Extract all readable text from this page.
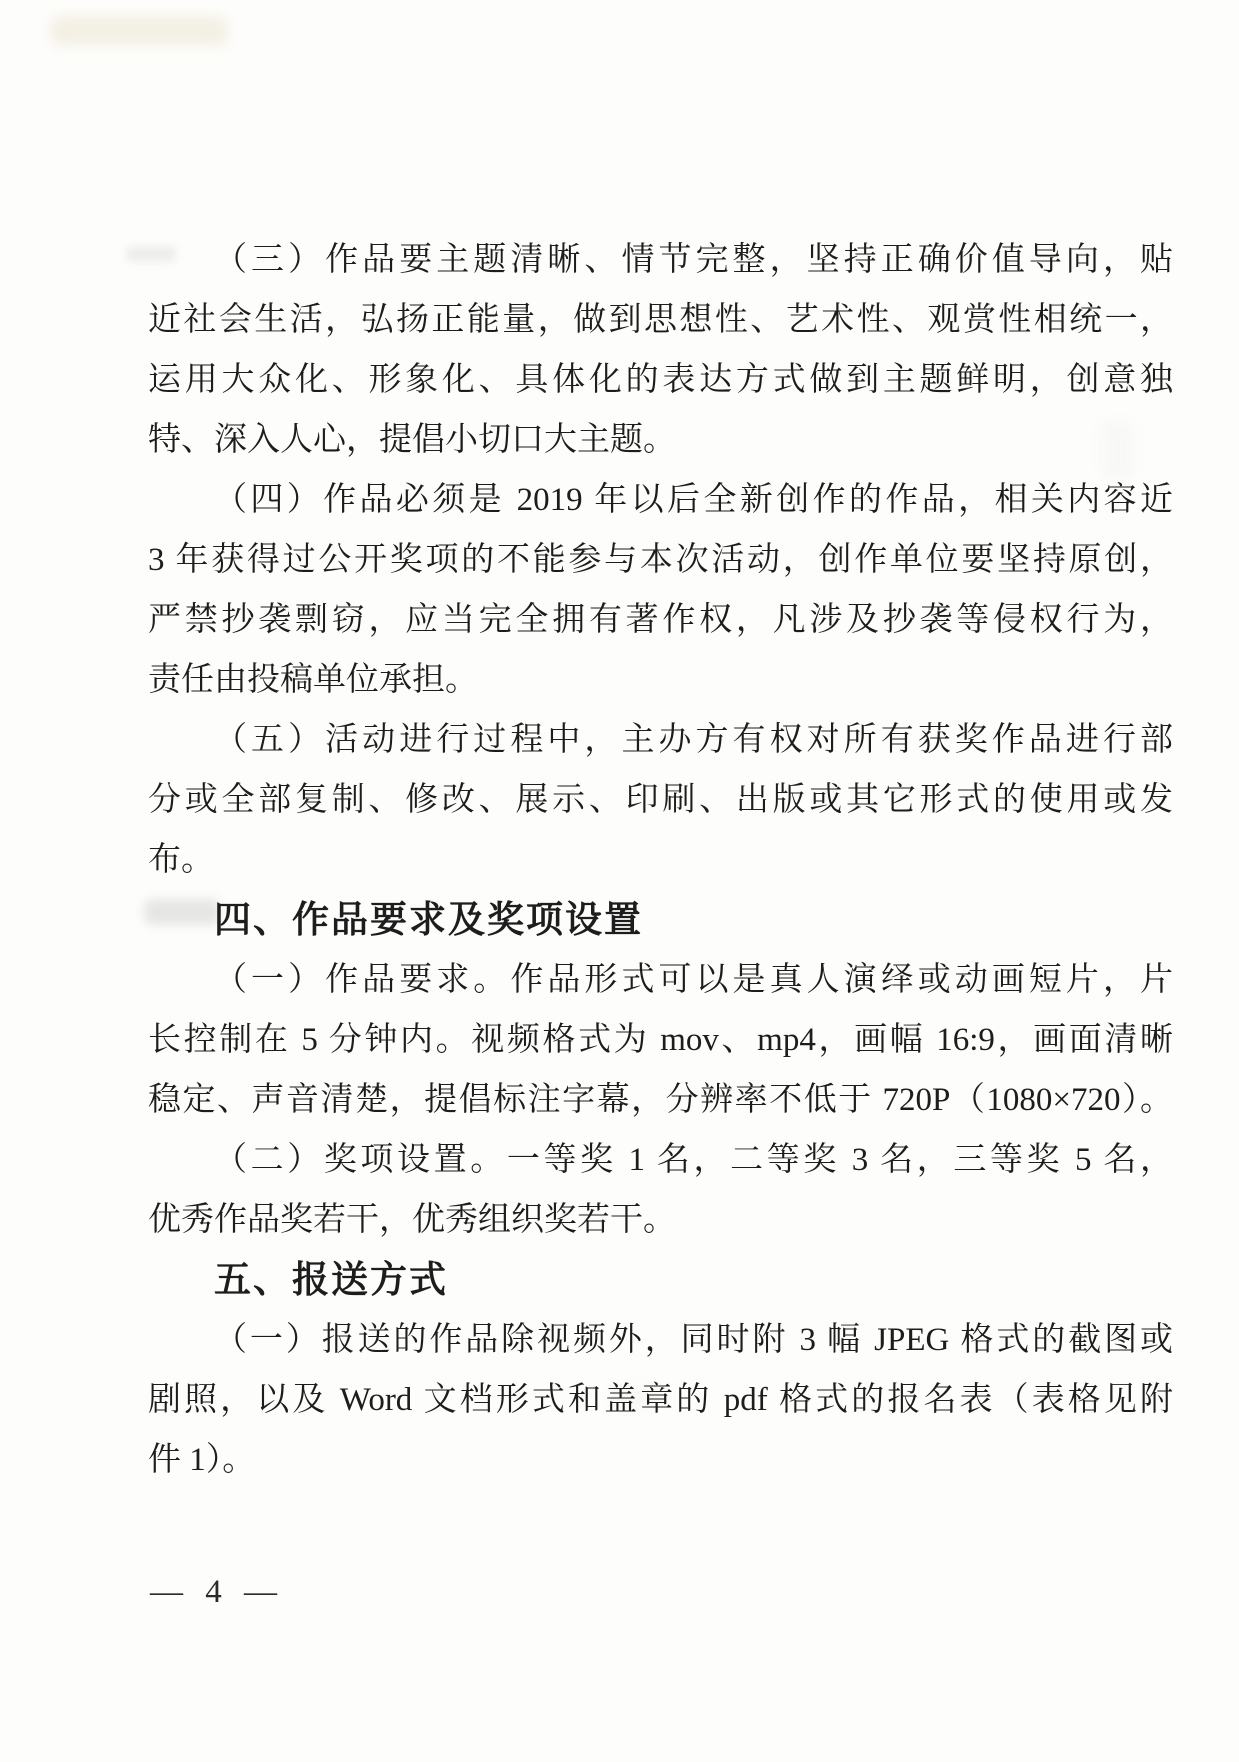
（三）作品要主题清晰、情节完整，坚持正确价值导向，贴
近社会生活，弘扬正能量，做到思想性、艺术性、观赏性相统一，
运用大众化、形象化、具体化的表达方式做到主题鲜明，创意独
特、深入人心，提倡小切口大主题。
（四）作品必须是 2019 年以后全新创作的作品，相关内容近
3 年获得过公开奖项的不能参与本次活动，创作单位要坚持原创，
严禁抄袭剽窃，应当完全拥有著作权，凡涉及抄袭等侵权行为，
责任由投稿单位承担。
（五）活动进行过程中，主办方有权对所有获奖作品进行部
分或全部复制、修改、展示、印刷、出版或其它形式的使用或发
布。
四、作品要求及奖项设置
（一）作品要求。作品形式可以是真人演绎或动画短片，片
长控制在 5 分钟内。视频格式为 mov、mp4，画幅 16:9，画面清晰
稳定、声音清楚，提倡标注字幕，分辨率不低于 720P（1080×720）。
（二）奖项设置。一等奖 1 名，二等奖 3 名，三等奖 5 名，
优秀作品奖若干，优秀组织奖若干。
五、报送方式
（一）报送的作品除视频外，同时附 3 幅 JPEG 格式的截图或
剧照，以及 Word 文档形式和盖章的 pdf 格式的报名表（表格见附
件 1）。
— 4 —
